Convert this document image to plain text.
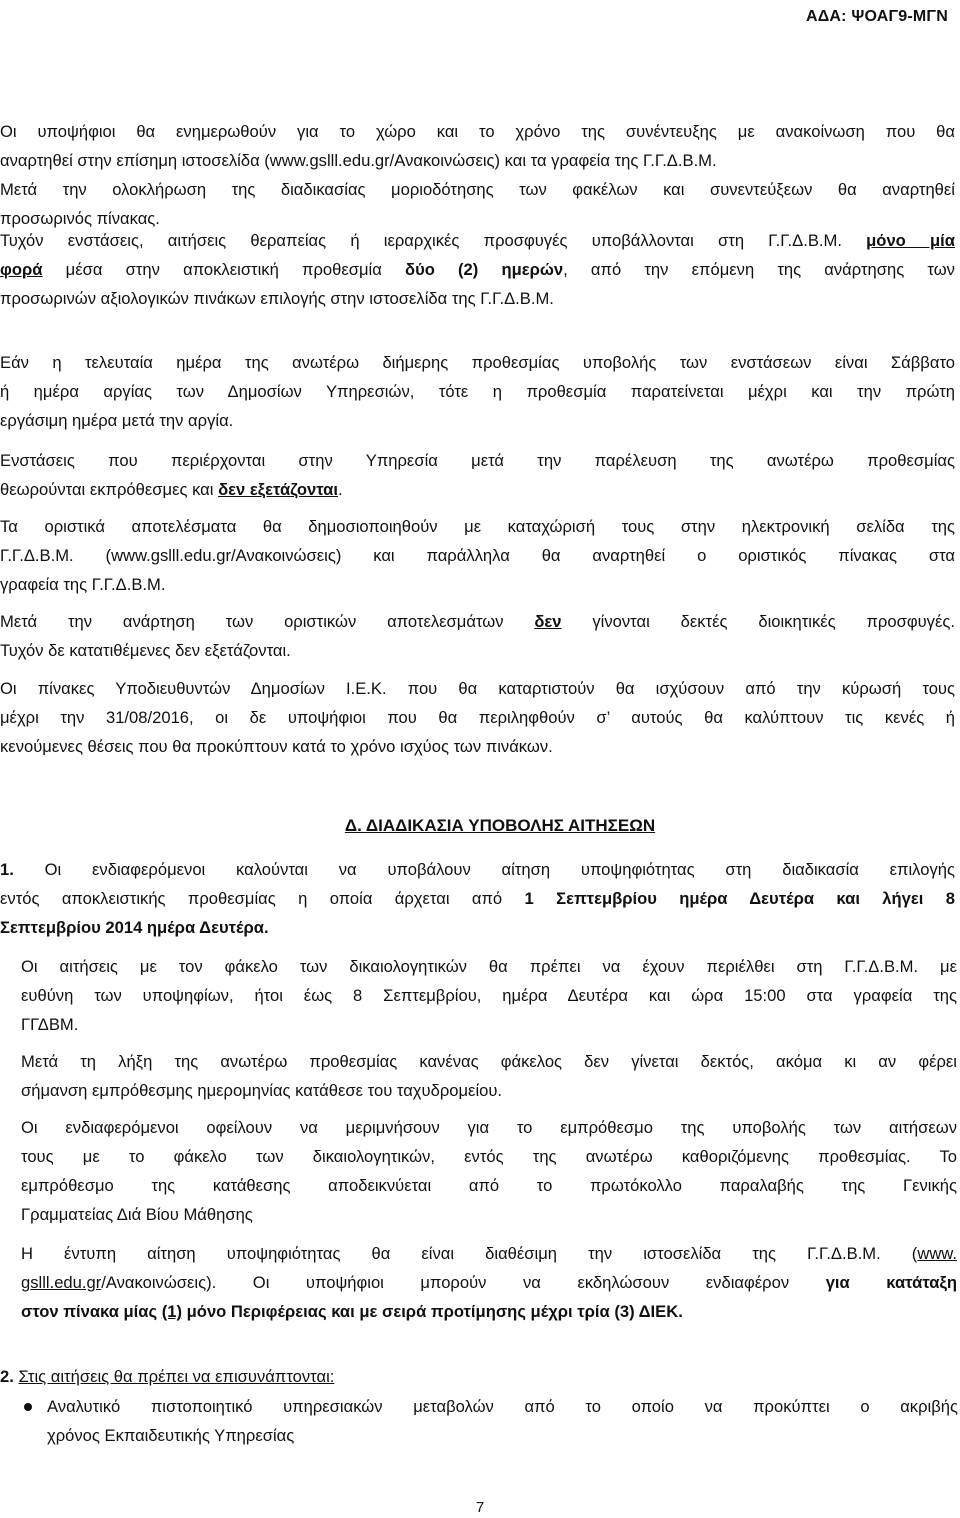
ΑΔΑ: ΨΟΑΓ9-ΜΓΝ

Οι υποψήφιοι θα ενημερωθούν για το χώρο και το χρόνο της συνέντευξης με ανακοίνωση που θα
αναρτηθεί στην επίσημη ιστοσελίδα (www.gslll.edu.gr/Ανακοινώσεις) και τα γραφεία της Γ.Γ.Δ.Β.Μ.

Μετά την ολοκλήρωση της διαδικασίας μοριοδότησης των φακέλων και συνεντεύξεων θα αναρτηθεί
προσωρινός πίνακας.

Τυχόν ενστάσεις, αιτήσεις θεραπείας ή ιεραρχικές προσφυγές υποβάλλονται στη Γ.Γ.Δ.Β.Μ. μόνο μία
φορά μέσα στην αποκλειστική προθεσμία δύο (2) ημερών, από την επόμενη της ανάρτησης των
προσωρινών αξιολογικών πινάκων επιλογής στην ιστοσελίδα της Γ.Γ.Δ.Β.Μ.

Εάν η τελευταία ημέρα της ανωτέρω διήμερης προθεσμίας υποβολής των ενστάσεων είναι Σάββατο
ή ημέρα αργίας των Δημοσίων Υπηρεσιών, τότε η προθεσμία παρατείνεται μέχρι και την πρώτη
εργάσιμη ημέρα μετά την αργία.

Ενστάσεις που περιέρχονται στην Υπηρεσία μετά την παρέλευση της ανωτέρω προθεσμίας
θεωρούνται εκπρόθεσμες και δεν εξετάζονται.

Τα οριστικά αποτελέσματα θα δημοσιοποιηθούν με καταχώρισή τους στην ηλεκτρονική σελίδα της
Γ.Γ.Δ.Β.Μ. (www.gslll.edu.gr/Ανακοινώσεις) και παράλληλα θα αναρτηθεί ο οριστικός πίνακας στα
γραφεία της Γ.Γ.Δ.Β.Μ.

Μετά την ανάρτηση των οριστικών αποτελεσμάτων δεν γίνονται δεκτές διοικητικές προσφυγές.
Τυχόν δε κατατιθέμενες δεν εξετάζονται.

Οι πίνακες Υποδιευθυντών Δημοσίων Ι.Ε.Κ. που θα καταρτιστούν θα ισχύσουν από την κύρωσή τους
μέχρι την 31/08/2016, οι δε υποψήφιοι που θα περιληφθούν σ’ αυτούς θα καλύπτουν τις κενές ή
κενούμενες θέσεις που θα προκύπτουν κατά το χρόνο ισχύος των πινάκων.

Δ. ΔΙΑΔΙΚΑΣΙΑ ΥΠΟΒΟΛΗΣ ΑΙΤΗΣΕΩΝ

1. Οι ενδιαφερόμενοι καλούνται να υποβάλουν αίτηση υποψηφιότητας στη διαδικασία επιλογής
εντός αποκλειστικής προθεσμίας η οποία άρχεται από 1 Σεπτεμβρίου ημέρα Δευτέρα και λήγει 8
Σεπτεμβρίου 2014 ημέρα Δευτέρα.

Οι αιτήσεις με τον φάκελο των δικαιολογητικών θα πρέπει να έχουν περιέλθει στη Γ.Γ.Δ.Β.Μ. με
ευθύνη των υποψηφίων, ήτοι έως 8 Σεπτεμβρίου, ημέρα Δευτέρα και ώρα 15:00 στα γραφεία της
ΓΓΔΒΜ.

Μετά τη λήξη της ανωτέρω προθεσμίας κανένας φάκελος δεν γίνεται δεκτός, ακόμα κι αν φέρει
σήμανση εμπρόθεσμης ημερομηνίας κατάθεσε του ταχυδρομείου.

Οι ενδιαφερόμενοι οφείλουν να μεριμνήσουν για το εμπρόθεσμο της υποβολής των αιτήσεων
τους με το φάκελο των δικαιολογητικών, εντός της ανωτέρω καθοριζόμενης προθεσμίας. Το
εμπρόθεσμο της κατάθεσης αποδεικνύεται από το πρωτόκολλο παραλαβής της Γενικής
Γραμματείας Διά Βίου Μάθησης

Η έντυπη αίτηση υποψηφιότητας θα είναι διαθέσιμη την ιστοσελίδα της Γ.Γ.Δ.Β.Μ. (www.
gslll.edu.gr/Ανακοινώσεις). Οι υποψήφιοι μπορούν να εκδηλώσουν ενδιαφέρον για κατάταξη
στον πίνακα μίας (1) μόνο Περιφέρειας και με σειρά προτίμησης μέχρι τρία (3) ΔΙΕΚ.

2. Στις αιτήσεις θα πρέπει να επισυνάπτονται:

Αναλυτικό πιστοποιητικό υπηρεσιακών μεταβολών από το οποίο να προκύπτει ο ακριβής
χρόνος Εκπαιδευτικής Υπηρεσίας
7
